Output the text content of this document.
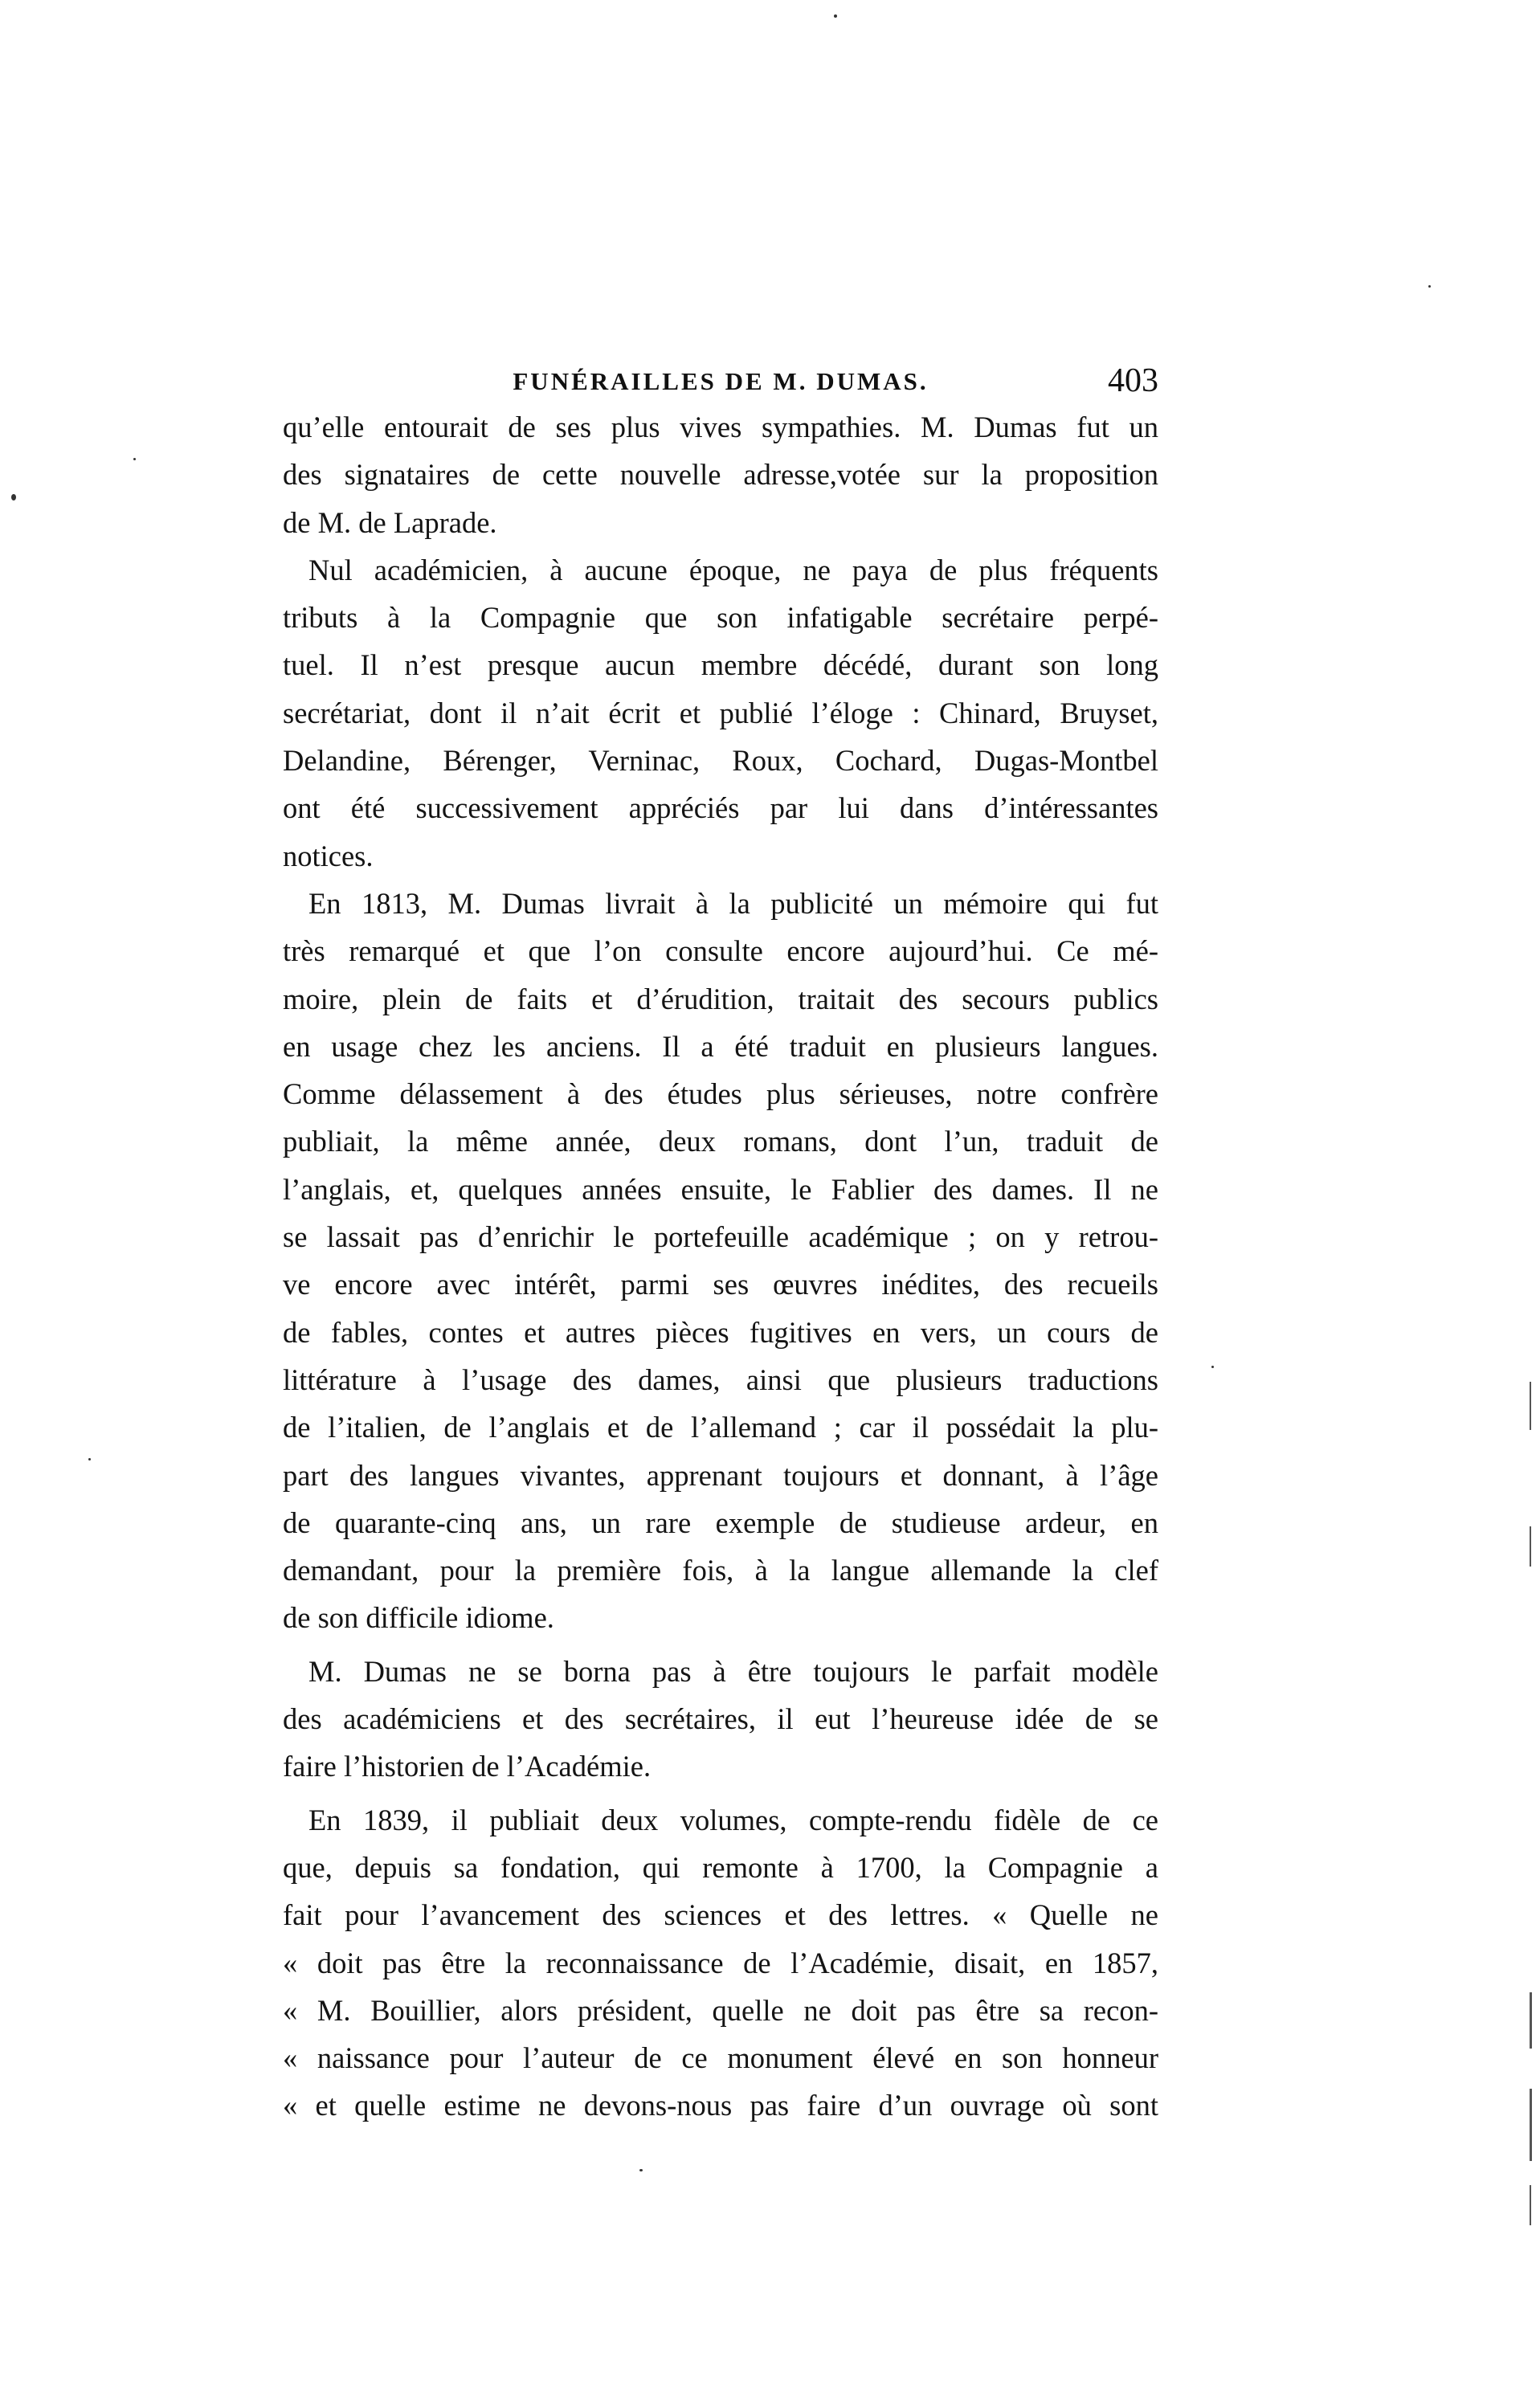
FUNÉRAILLES DE M. DUMAS.	403
qu’elle entourait de ses plus vives sympathies. M. Dumas fut un
des signataires de cette nouvelle adresse,votée sur la proposition
de M. de Laprade.
Nul académicien, à aucune époque, ne paya de plus fréquents
tributs à la Compagnie que son infatigable secrétaire perpé-
tuel. Il n’est presque aucun membre décédé, durant son long
secrétariat, dont il n’ait écrit et publié l’éloge : Chinard, Bruyset,
Delandine, Bérenger, Verninac, Roux, Cochard, Dugas-Montbel
ont été successivement appréciés par lui dans d’intéressantes
notices.
En 1813, M. Dumas livrait à la publicité un mémoire qui fut
très remarqué et que l’on consulte encore aujourd’hui. Ce mé-
moire, plein de faits et d’érudition, traitait des secours publics
en usage chez les anciens. Il a été traduit en plusieurs langues.
Comme délassement à des études plus sérieuses, notre confrère
publiait, la même année, deux romans, dont l’un, traduit de
l’anglais, et, quelques années ensuite, le Fablier des dames. Il ne
se lassait pas d’enrichir le portefeuille académique ; on y retrou-
ve encore avec intérêt, parmi ses œuvres inédites, des recueils
de fables, contes et autres pièces fugitives en vers, un cours de
littérature à l’usage des dames, ainsi que plusieurs traductions
de l’italien, de l’anglais et de l’allemand ; car il possédait la plu-
part des langues vivantes, apprenant toujours et donnant, à l’âge
de quarante-cinq ans, un rare exemple de studieuse ardeur, en
demandant, pour la première fois, à la langue allemande la clef
de son difficile idiome.
M. Dumas ne se borna pas à être toujours le parfait modèle
des académiciens et des secrétaires, il eut l’heureuse idée de se
faire l’historien de l’Académie.
En 1839, il publiait deux volumes, compte-rendu fidèle de ce
que, depuis sa fondation, qui remonte à 1700, la Compagnie a
fait pour l’avancement des sciences et des lettres. « Quelle ne
« doit pas être la reconnaissance de l’Académie, disait, en 1857,
« M. Bouillier, alors président, quelle ne doit pas être sa recon-
« naissance pour l’auteur de ce monument élevé en son honneur
« et quelle estime ne devons-nous pas faire d’un ouvrage où sont
